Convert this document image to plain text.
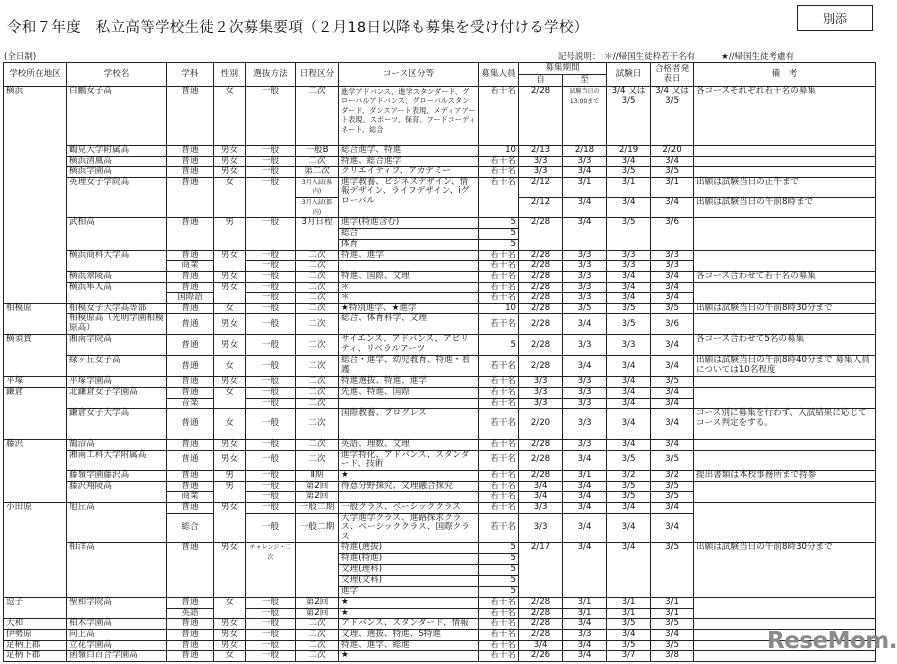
令和７年度　私立高等学校生徒２次募集要項（２月18日以降も募集を受け付ける学校）
別添
(全日制)	記号説明： ＊//帰国生徒枠若干名有	★//帰国生徒考慮有
学校所在地区	学校名	学科	性別	選抜方法	日程区分	コース区分等	募集人員	募集期間		試験日	合格者発表日	備　考
								自	至			
横浜	白鵬女子高	普通	女	一般	二次	進学アドバンス、進学スタンダード、グローバルアドバンス、グローバルスタンダード、ダンスアート表現、メディアアート表現、スポーツ、保育、フードコーディネート、総合	若干名	2/28	試験当日の13:00まで	3/4 又は 3/5	3/4 又は 3/5	各コースそれぞれ若干名の募集
	鶴見大学附属高	普通	男女	一般	一般B	総合進学、特進	10	2/13	2/18	2/19	2/20	
	横浜清風高	普通	男女	一般	二次	特進、総合進学	若干名	3/3	3/3	3/4	3/4	
	横浜学園高	普通	男女	一般	第二次	クリエイティブ、アカデミー	若干名	3/3	3/4	3/5	3/5	
	英理女子学院高	普通	女	一般	3月入試(県内)	進学教養、ビジネスデザイン、情報デザイン、ライフデザイン、iグローバル	若干名	2/12	3/1	3/1	3/1	出願は試験当日の正午まで
					3月入試(都内)			2/12	3/4	3/4	3/4	出願は試験当日の午前8時まで
	武相高	普通	男	一般	3月日程	進学(特進含む)	5	2/28	3/4	3/5	3/6	
						総合	5					
						体育	5					
	横浜商科大学高	普通	男女	一般	二次	特進、進学	若干名	2/28	3/3	3/3	3/3	
		商業		一般	二次		若干名	2/28	3/3	3/3	3/3	
	横浜翠陵高	普通	男女	一般	二次	特進、国際、文理	若干名	2/28	3/3	3/4	3/4	各コース合わせて若干名の募集
	横浜隼人高	普通	男女	一般	二次	＊	若干名	2/28	3/3	3/4	3/4	
		国際語		一般	二次	＊	若干名	2/28	3/3	3/4	3/4	
相模原	相模女子大学高等部	普通	女	一般	二次	★特別進学、★進学	10	2/28	3/5	3/5	3/5	出願は試験当日の午前8時30分まで
	相模原高（光明学園相模原高）	普通	男女	一般	二次	総合、体育科学、文理	若干名	2/28	3/4	3/5	3/6	
横須賀	湘南学院高	普通	男女	一般	二次	サイエンス、アドバンス、アビリティ、リベラルアーツ	5	2/28	3/3	3/3	3/4	各コース合わせて5名の募集
	緑ヶ丘女子高	普通	女	一般	二次	総合・進学、幼児教育、特進・看護	若干名	2/28	3/4	3/4	3/4	出願は試験当日の午前8時40分まで 募集人員については10名程度
平塚	平塚学園高	普通	男女	一般	二次	特進選抜、特進、進学	若干名	3/3	3/3	3/4	3/5	
鎌倉	北鎌倉女子学園高	普通	女	一般	二次	先進、特進、国際	若干名	3/3	3/3	3/4	3/4	
		音楽		一般	二次		若干名	3/3	3/3	3/4	3/4	
	鎌倉女子大学高	普通	女	一般	二次	国際教養、プログレス	若干名	2/20	3/3	3/4	3/4	コース別に募集を行わず、入試結果に応じてコース判定をする。
藤沢	鵠沼高	普通	男女	一般	二次	英語、理数、文理	若干名	2/28	3/3	3/4	3/4	
	湘南工科大学附属高	普通	男女	一般	二次	進学特化、アドバンス、スタンダード、技術	若干名	2/28	3/4	3/5	3/5	
	藤嶺学園藤沢高	普通	男	一般	Ⅱ期	★	若干名	2/28	3/1	3/2	3/2	提出書類は本校事務所まで持参
	藤沢翔陵高	普通	男	一般	第2回	得意分野探究、文理融合探究	若干名	3/4	3/4	3/5	3/5	
		商業		一般	第2回		若干名	3/4	3/4	3/5	3/5	
小田原	旭丘高	普通	男女	一般	一般二期	一般クラス、ベーシッククラス	若干名	3/3	3/4	3/4	3/4	
		総合		一般	一般二期	大学進学クラス、進路探求クラス、ベーシッククラス、国際クラス	若干名	3/3	3/4	3/4	3/4	
	相洋高	普通	男女	チャレンジ・二次		特進(選抜)	5	2/17	3/4	3/4	3/5	出願は試験当日の午前8時30分まで
						特進(特進)	5					
						文理(理科)	5					
						文理(文科)	5					
						進学	5					
逗子	聖和学院高	普通	女	一般	第2回	★	若干名	2/28	3/1	3/1	3/1	
		英語		一般	第2回	★	若干名	2/28	3/1	3/1	3/1	
大和	柏木学園高	普通	男女	一般	二次	アドバンス、スタンダード、情報	若干名	2/28	3/4	3/5	3/5	
伊勢原	向上高	普通	男女	一般	二次	文理、選抜、特進、S特進	若干名	2/28	3/3	3/4	3/4	
足柄上郡	立花学園高	普通	男女	一般	二次	特進、進学、総進	若干名	3/4	3/4	3/5	3/5	
足柄下郡	函嶺白百合学園高	普通	女	一般	二次	★	若干名	2/26	3/4	3/7	3/8	
ReseMom.
